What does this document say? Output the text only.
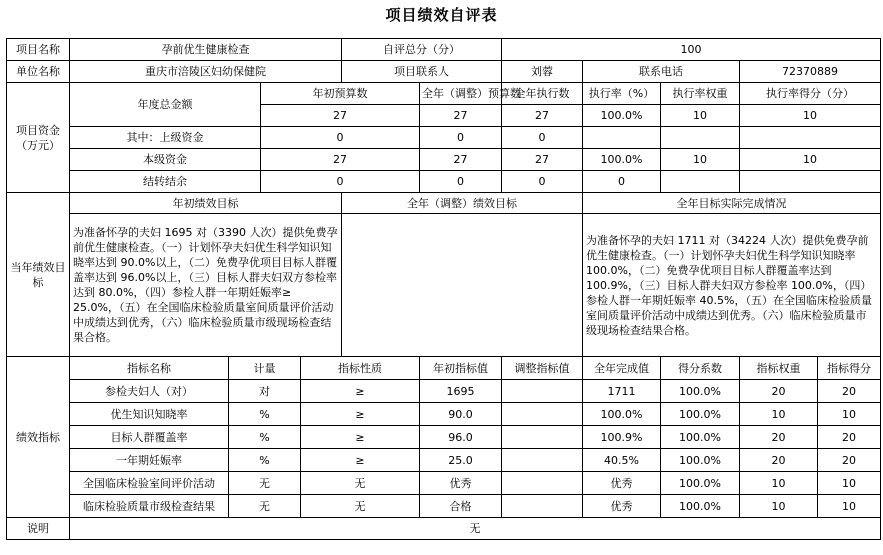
项目绩效自评表
项目名称	孕前优生健康检查				自评总分（分）		100					
单位名称	重庆市涪陵区妇幼保健院				项目联系人		刘蓉	联系电话		72370889		
项目资金（万元）	年度总金额		年初预算数			全年（调整）预算数	全年执行数	执行率（%）	执行率权重	执行率得分（分）		
			27			27	27	100.0%	10	10		
	其中：上级资金		0			0	0					
	本级资金		27			27	27	100.0%	10	10		
	结转结余		0			0	0	0				
当年绩效目标	年初绩效目标				全年（调整）绩效目标			全年目标实际完成情况				
	为准备怀孕的夫妇 1695 对（3390 人次）提供免费孕前优生健康检查。（一）计划怀孕夫妇优生科学知识知晓率达到 90.0%以上，（二）免费孕优项目目标人群覆盖率达到 96.0%以上，（三）目标人群夫妇双方参检率达到 80.0%，（四）参检人群一年期妊娠率≥ 25.0%，（五）在全国临床检验质量室间质量评价活动中成绩达到优秀，（六）临床检验质量市级现场检查结果合格。							为准备怀孕的夫妇 1711 对（34224 人次）提供免费孕前优生健康检查。（一）计划怀孕夫妇优生科学知识知晓率 100.0%，（二）免费孕优项目目标人群覆盖率达到 100.9%，（三）目标人群夫妇双方参检率 100.0%，（四）参检人群一年期妊娠率 40.5%，（五）在全国临床检验质量室间质量评价活动中成绩达到优秀。（六）临床检验质量市级现场检查结果合格。				
绩效指标	指标名称	计量		指标性质		年初指标值	调整指标值	全年完成值	得分系数	指标权重	指标得分	
	参检夫妇人（对）	对		≥		1695		1711	100.0%	20	20	
	优生知识知晓率	%		≥		90.0		100.0%	100.0%	10	10	
	目标人群覆盖率	%		≥		96.0		100.9%	100.0%	20	20	
	一年期妊娠率	%		≥		25.0		40.5%	100.0%	20	20	
	全国临床检验室间评价活动	无		无		优秀		优秀	100.0%	10	10	
	临床检验质量市级检查结果	无		无		合格		优秀	100.0%	10	10	
说明	无											
